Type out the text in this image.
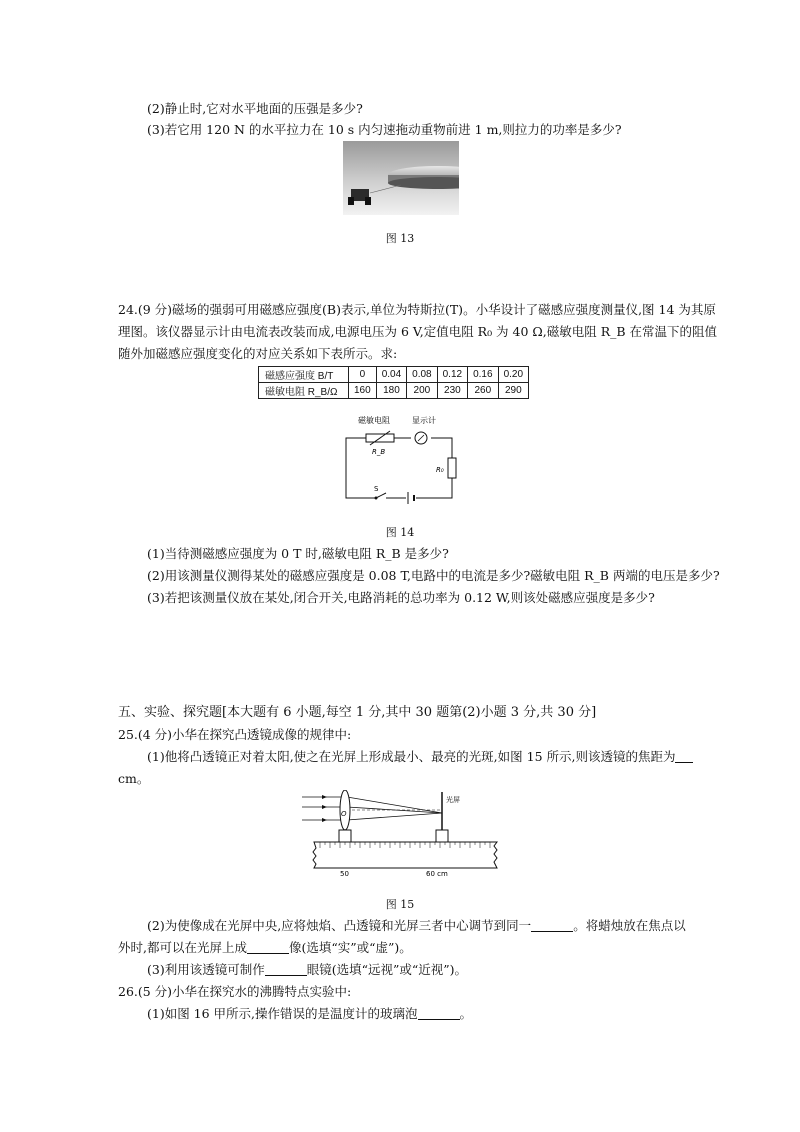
(2)静止时,它对水平地面的压强是多少?
(3)若它用 120 N 的水平拉力在 10 s 内匀速拖动重物前进 1 m,则拉力的功率是多少?
图 13
24.(9 分)磁场的强弱可用磁感应强度(B)表示,单位为特斯拉(T)。小华设计了磁感应强度测量仪,图 14 为其原
理图。该仪器显示计由电流表改装而成,电源电压为 6 V,定值电阻 R₀ 为 40 Ω,磁敏电阻 R_B 在常温下的阻值
随外加磁感应强度变化的对应关系如下表所示。求:
磁感应强度 B/T	0	0.04	0.08	0.12	0.16	0.20
磁敏电阻 R_B/Ω	160	180	200	230	260	290
磁敏电阻	显示计
R_B
R₀
S
图 14
(1)当待测磁感应强度为 0 T 时,磁敏电阻 R_B 是多少?
(2)用该测量仪测得某处的磁感应强度是 0.08 T,电路中的电流是多少?磁敏电阻 R_B 两端的电压是多少?
(3)若把该测量仪放在某处,闭合开关,电路消耗的总功率为 0.12 W,则该处磁感应强度是多少?
五、实验、探究题[本大题有 6 小题,每空 1 分,其中 30 题第(2)小题 3 分,共 30 分]
25.(4 分)小华在探究凸透镜成像的规律中:
(1)他将凸透镜正对着太阳,使之在光屏上形成最小、最亮的光斑,如图 15 所示,则该透镜的焦距为
cm。
O
光屏
50	60 cm
图 15
(2)为使像成在光屏中央,应将烛焰、凸透镜和光屏三者中心调节到同一	。将蜡烛放在焦点以
外时,都可以在光屏上成	像(选填“实”或“虚”)。
(3)利用该透镜可制作	眼镜(选填“远视”或“近视”)。
26.(5 分)小华在探究水的沸腾特点实验中:
(1)如图 16 甲所示,操作错误的是温度计的玻璃泡	。
